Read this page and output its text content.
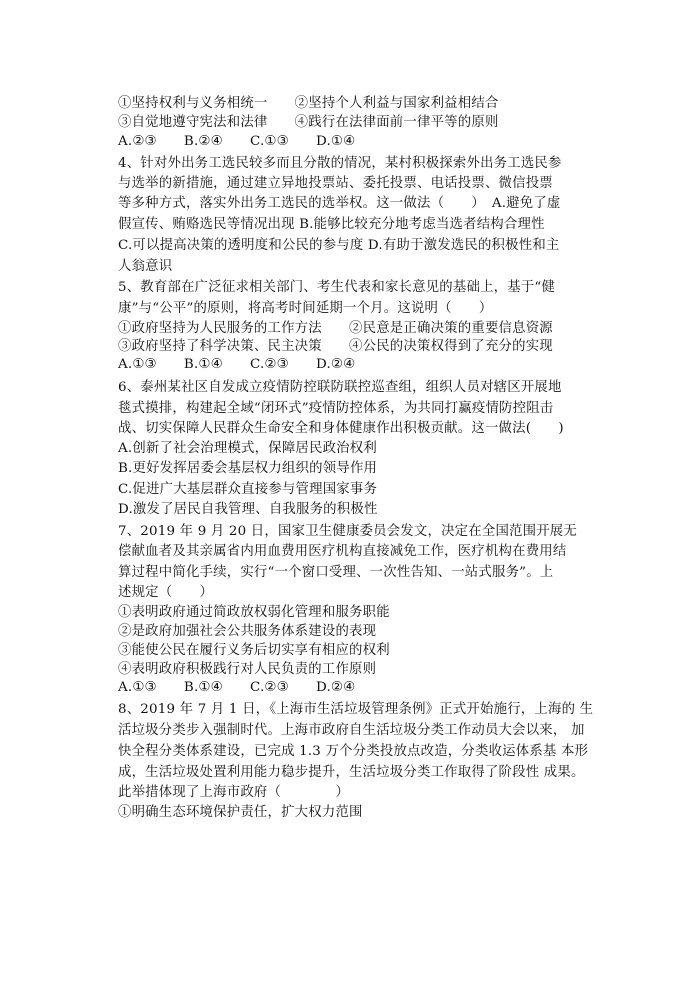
①坚持权利与义务相统一　　②坚持个人利益与国家利益相结合
③自觉地遵守宪法和法律　　④践行在法律面前一律平等的原则
A.②③　　B.②④　　C.①③　　D.①④
4、针对外出务工选民较多而且分散的情况，某村积极探索外出务工选民参
与选举的新措施，通过建立异地投票站、委托投票、电话投票、微信投票
等多种方式，落实外出务工选民的选举权。这一做法（　　）　A.避免了虚
假宣传、贿赂选民等情况出现 B.能够比较充分地考虑当选者结构合理性
C.可以提高决策的透明度和公民的参与度 D.有助于激发选民的积极性和主
人翁意识
5、教育部在广泛征求相关部门、考生代表和家长意见的基础上，基于“健
康”与“公平”的原则，将高考时间延期一个月。这说明（　　）
①政府坚持为人民服务的工作方法　　②民意是正确决策的重要信息资源
③政府坚持了科学决策、民主决策　　④公民的决策权得到了充分的实现
A.①③　　B.①④　　C.②③　　D.②④
6、泰州某社区自发成立疫情防控联防联控巡查组，组织人员对辖区开展地
毯式摸排，构建起全域“闭环式”疫情防控体系，为共同打赢疫情防控阻击
战、切实保障人民群众生命安全和身体健康作出积极贡献。这一做法(　　)
A.创新了社会治理模式，保障居民政治权利
B.更好发挥居委会基层权力组织的领导作用
C.促进广大基层群众直接参与管理国家事务
D.激发了居民自我管理、自我服务的积极性
7、2019 年 9 月 20 日，国家卫生健康委员会发文，决定在全国范围开展无
偿献血者及其亲属省内用血费用医疗机构直接减免工作，医疗机构在费用结
算过程中简化手续，实行“一个窗口受理、一次性告知、一站式服务”。上
述规定（　　）
①表明政府通过简政放权弱化管理和服务职能
②是政府加强社会公共服务体系建设的表现
③能使公民在履行义务后切实享有相应的权利
④表明政府积极践行对人民负责的工作原则
A.①③　　B.①④　　C.②③　　D.②④
8、2019 年 7 月 1 日，《上海市生活垃圾管理条例》正式开始施行，上海的 生
活垃圾分类步入强制时代。上海市政府自生活垃圾分类工作动员大会以来， 加
快全程分类体系建设，已完成 1.3 万个分类投放点改造，分类收运体系基 本形
成，生活垃圾处置利用能力稳步提升，生活垃圾分类工作取得了阶段性 成果。
此举措体现了上海市政府（　　　　）
①明确生态环境保护责任，扩大权力范围
